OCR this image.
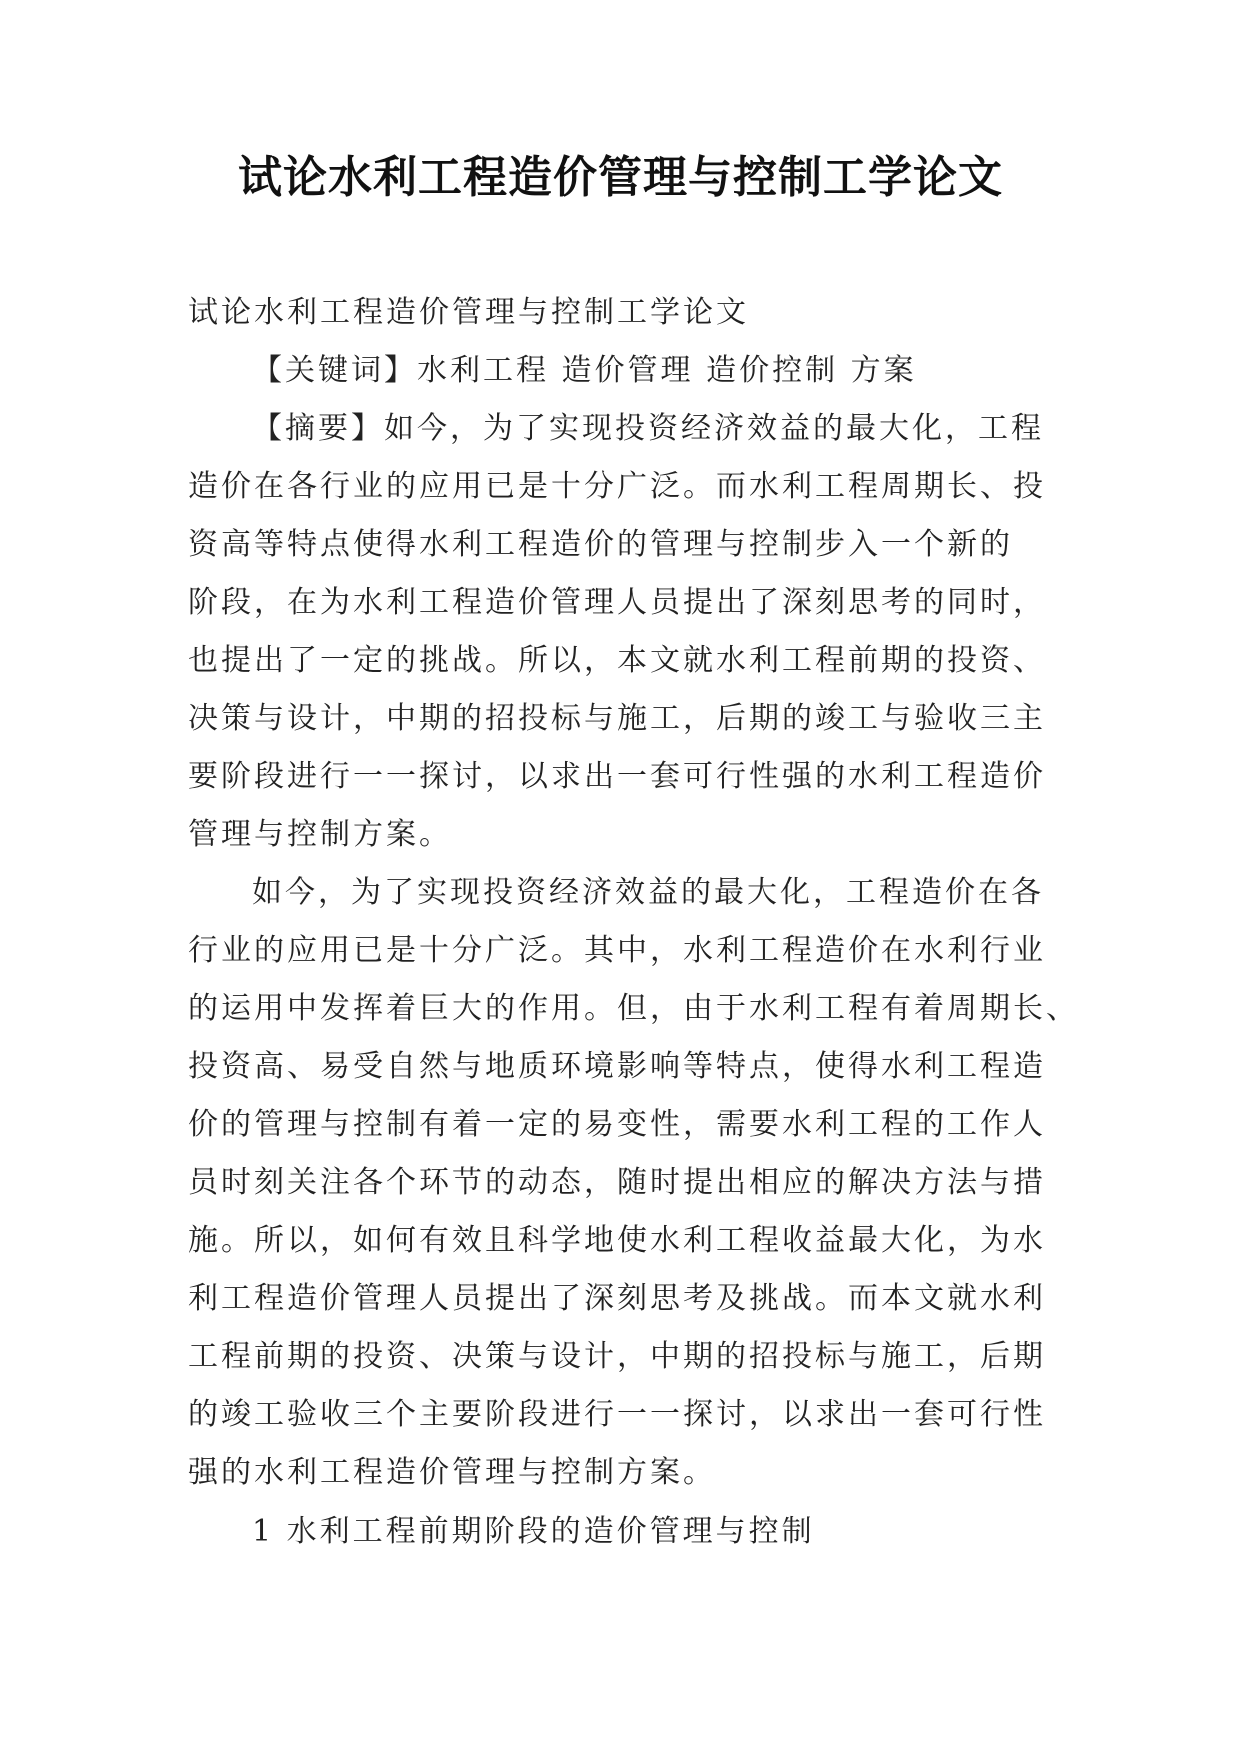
试论水利工程造价管理与控制工学论文
试论水利工程造价管理与控制工学论文
【关键词】水利工程 造价管理 造价控制 方案
【摘要】如今，为了实现投资经济效益的最大化，工程
造价在各行业的应用已是十分广泛。而水利工程周期长、投
资高等特点使得水利工程造价的管理与控制步入一个新的
阶段，在为水利工程造价管理人员提出了深刻思考的同时，
也提出了一定的挑战。所以，本文就水利工程前期的投资、
决策与设计，中期的招投标与施工，后期的竣工与验收三主
要阶段进行一一探讨，以求出一套可行性强的水利工程造价
管理与控制方案。
如今，为了实现投资经济效益的最大化，工程造价在各
行业的应用已是十分广泛。其中，水利工程造价在水利行业
的运用中发挥着巨大的作用。但，由于水利工程有着周期长、
投资高、易受自然与地质环境影响等特点，使得水利工程造
价的管理与控制有着一定的易变性，需要水利工程的工作人
员时刻关注各个环节的动态，随时提出相应的解决方法与措
施。所以，如何有效且科学地使水利工程收益最大化，为水
利工程造价管理人员提出了深刻思考及挑战。而本文就水利
工程前期的投资、决策与设计，中期的招投标与施工，后期
的竣工验收三个主要阶段进行一一探讨，以求出一套可行性
强的水利工程造价管理与控制方案。
1 水利工程前期阶段的造价管理与控制
